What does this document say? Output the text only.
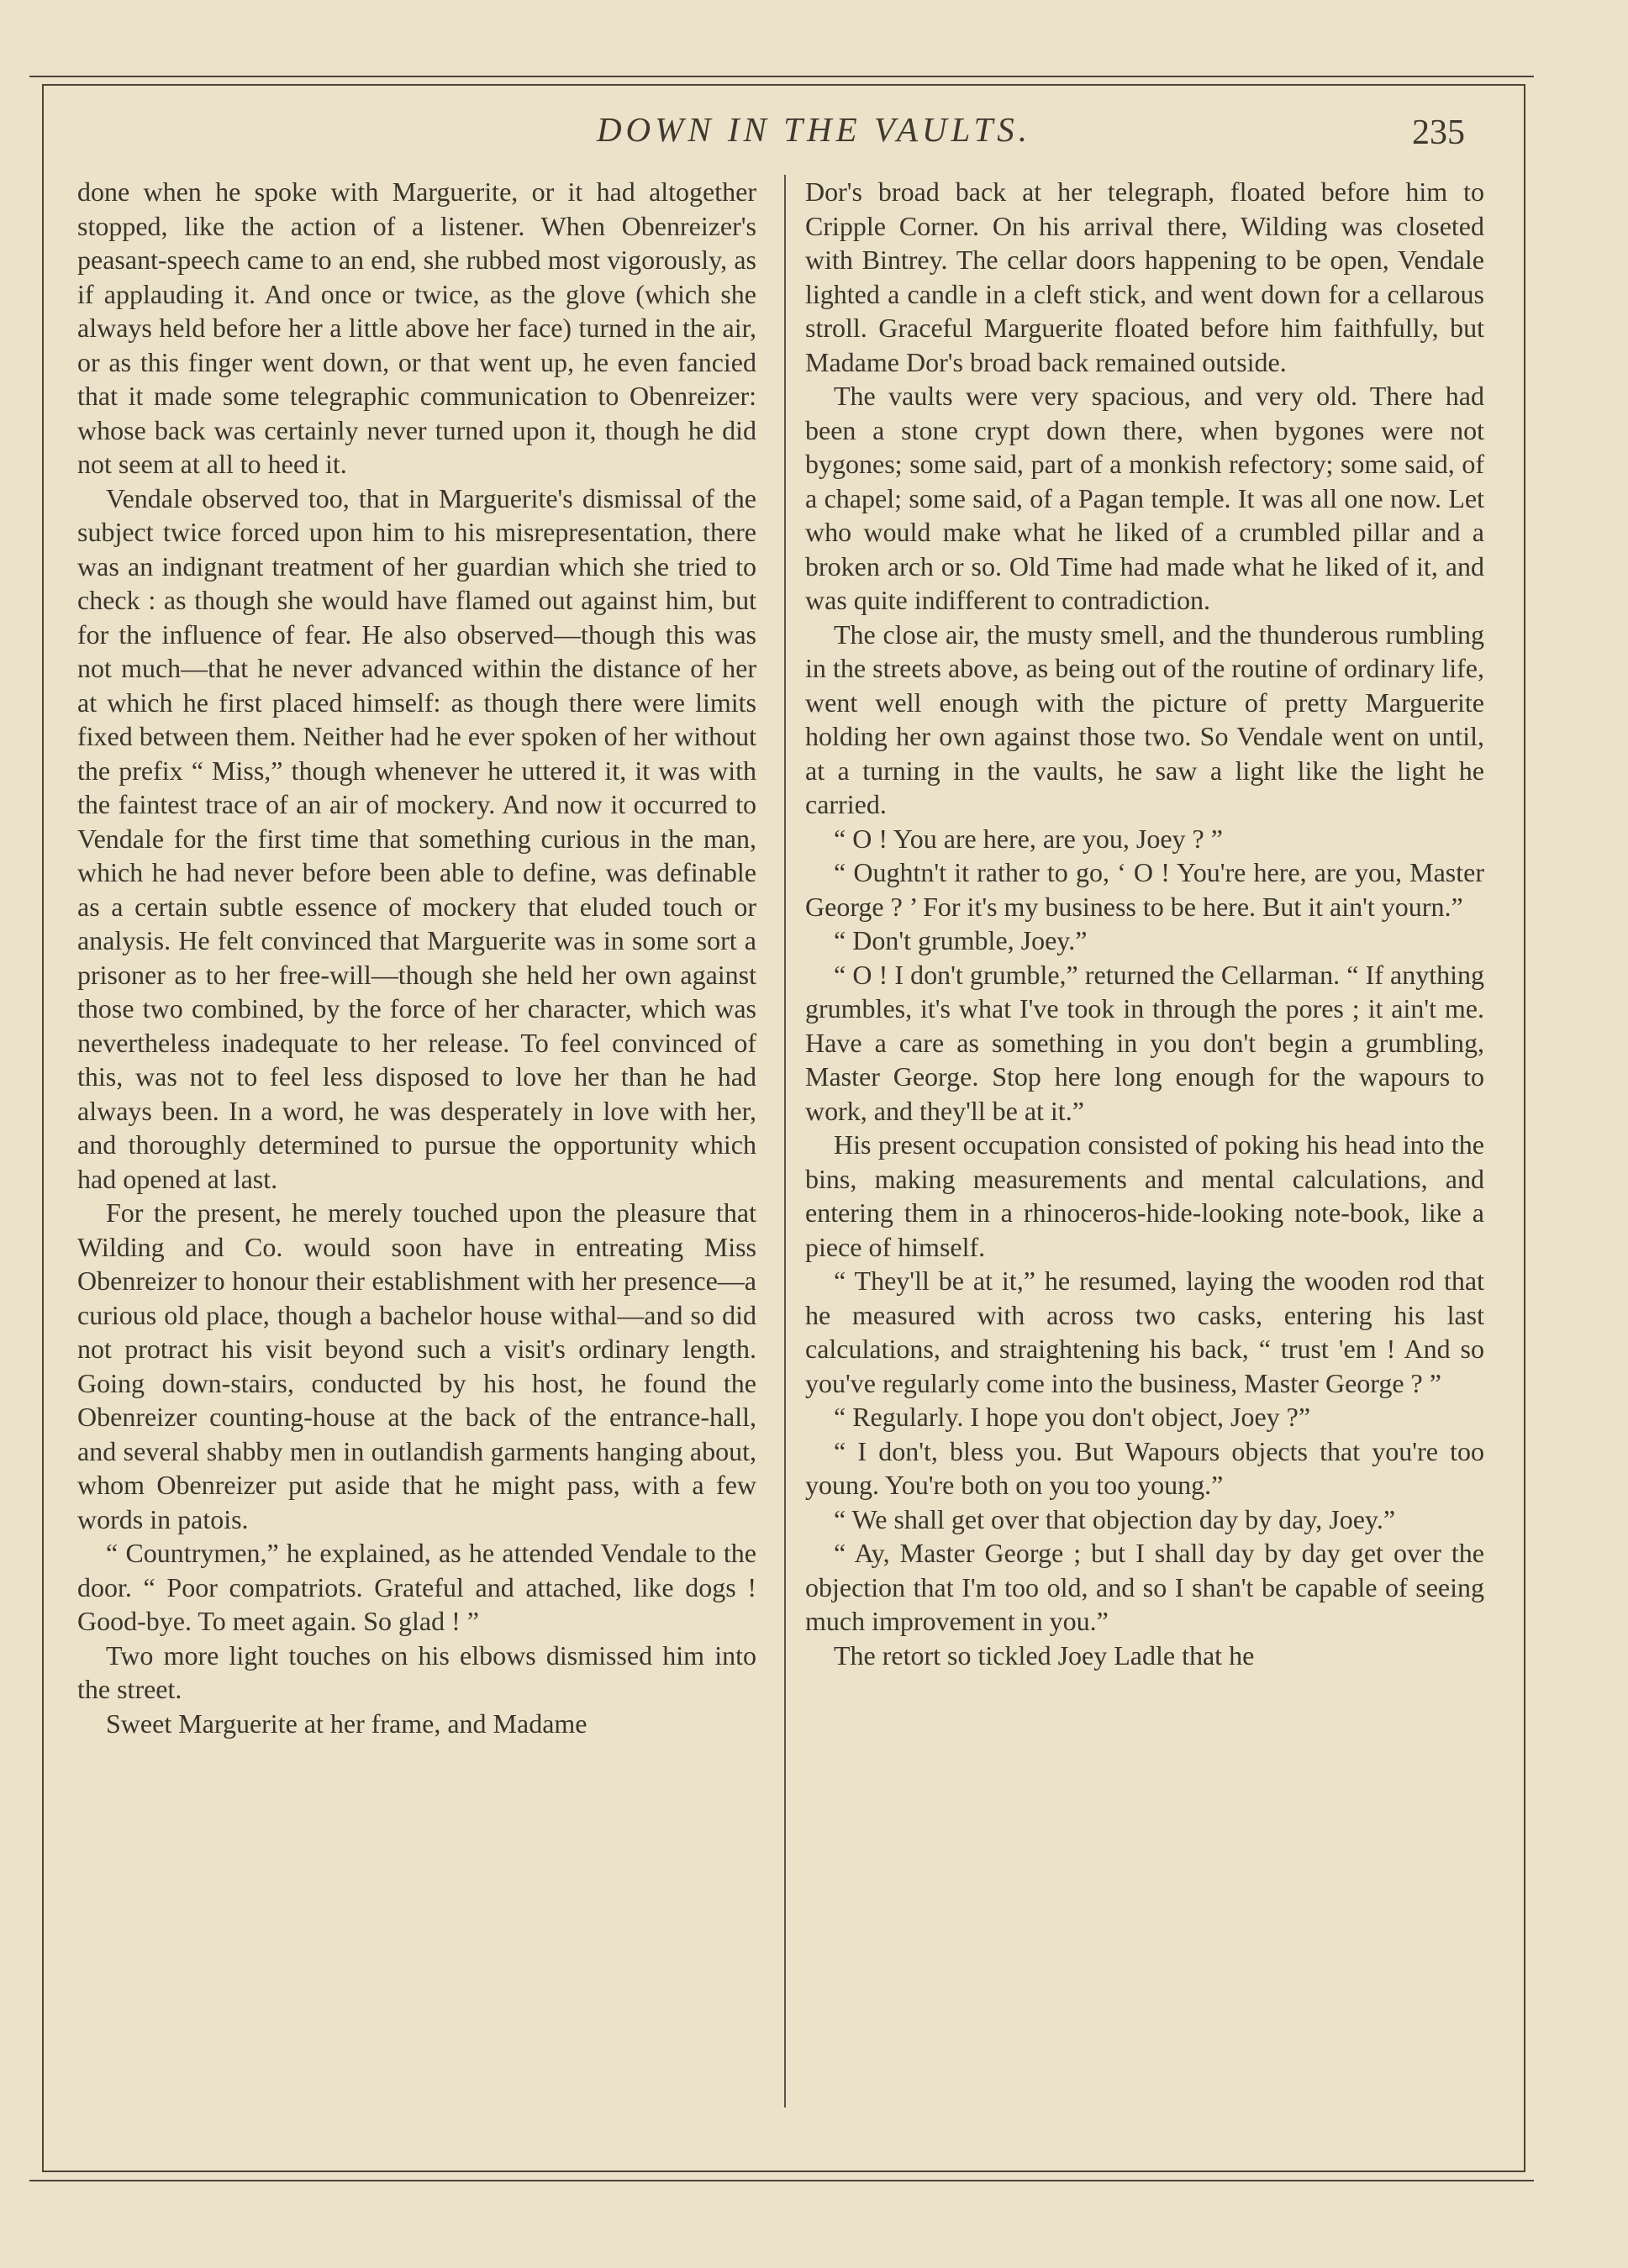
DOWN IN THE VAULTS.	235

done when he spoke with Marguerite, or it had altogether stopped, like the action of a listener. When Obenreizer's peasant-speech came to an end, she rubbed most vigorously, as if applauding it. And once or twice, as the glove (which she always held before her a little above her face) turned in the air, or as this finger went down, or that went up, he even fancied that it made some telegraphic communication to Obenreizer: whose back was certainly never turned upon it, though he did not seem at all to heed it.

Vendale observed too, that in Marguerite's dismissal of the subject twice forced upon him to his misrepresentation, there was an indignant treatment of her guardian which she tried to check : as though she would have flamed out against him, but for the influence of fear. He also observed—though this was not much—that he never advanced within the distance of her at which he first placed himself: as though there were limits fixed between them. Neither had he ever spoken of her without the prefix “ Miss,” though whenever he uttered it, it was with the faintest trace of an air of mockery. And now it occurred to Vendale for the first time that something curious in the man, which he had never before been able to define, was definable as a certain subtle essence of mockery that eluded touch or analysis. He felt convinced that Marguerite was in some sort a prisoner as to her free-will—though she held her own against those two combined, by the force of her character, which was nevertheless inadequate to her release. To feel convinced of this, was not to feel less disposed to love her than he had always been. In a word, he was desperately in love with her, and thoroughly determined to pursue the opportunity which had opened at last.

For the present, he merely touched upon the pleasure that Wilding and Co. would soon have in entreating Miss Obenreizer to honour their establishment with her presence—a curious old place, though a bachelor house withal—and so did not protract his visit beyond such a visit's ordinary length. Going down-stairs, conducted by his host, he found the Obenreizer counting-house at the back of the entrance-hall, and several shabby men in outlandish garments hanging about, whom Obenreizer put aside that he might pass, with a few words in patois.

“ Countrymen,” he explained, as he attended Vendale to the door. “ Poor compatriots. Grateful and attached, like dogs ! Good-bye. To meet again. So glad ! ”

Two more light touches on his elbows dismissed him into the street.

Sweet Marguerite at her frame, and Madame

Dor's broad back at her telegraph, floated before him to Cripple Corner. On his arrival there, Wilding was closeted with Bintrey. The cellar doors happening to be open, Vendale lighted a candle in a cleft stick, and went down for a cellarous stroll. Graceful Marguerite floated before him faithfully, but Madame Dor's broad back remained outside.

The vaults were very spacious, and very old. There had been a stone crypt down there, when bygones were not bygones; some said, part of a monkish refectory; some said, of a chapel; some said, of a Pagan temple. It was all one now. Let who would make what he liked of a crumbled pillar and a broken arch or so. Old Time had made what he liked of it, and was quite indifferent to contradiction.

The close air, the musty smell, and the thunderous rumbling in the streets above, as being out of the routine of ordinary life, went well enough with the picture of pretty Marguerite holding her own against those two. So Vendale went on until, at a turning in the vaults, he saw a light like the light he carried.

“ O ! You are here, are you, Joey ? ”

“ Oughtn't it rather to go, ‘ O ! You're here, are you, Master George ? ’ For it's my business to be here. But it ain't yourn.”

“ Don't grumble, Joey.”

“ O ! I don't grumble,” returned the Cellarman. “ If anything grumbles, it's what I've took in through the pores ; it ain't me. Have a care as something in you don't begin a grumbling, Master George. Stop here long enough for the wapours to work, and they'll be at it.”

His present occupation consisted of poking his head into the bins, making measurements and mental calculations, and entering them in a rhinoceros-hide-looking note-book, like a piece of himself.

“ They'll be at it,” he resumed, laying the wooden rod that he measured with across two casks, entering his last calculations, and straightening his back, “ trust 'em ! And so you've regularly come into the business, Master George ? ”

“ Regularly. I hope you don't object, Joey ?”

“ I don't, bless you. But Wapours objects that you're too young. You're both on you too young.”

“ We shall get over that objection day by day, Joey.”

“ Ay, Master George ; but I shall day by day get over the objection that I'm too old, and so I shan't be capable of seeing much improvement in you.”

The retort so tickled Joey Ladle that he
